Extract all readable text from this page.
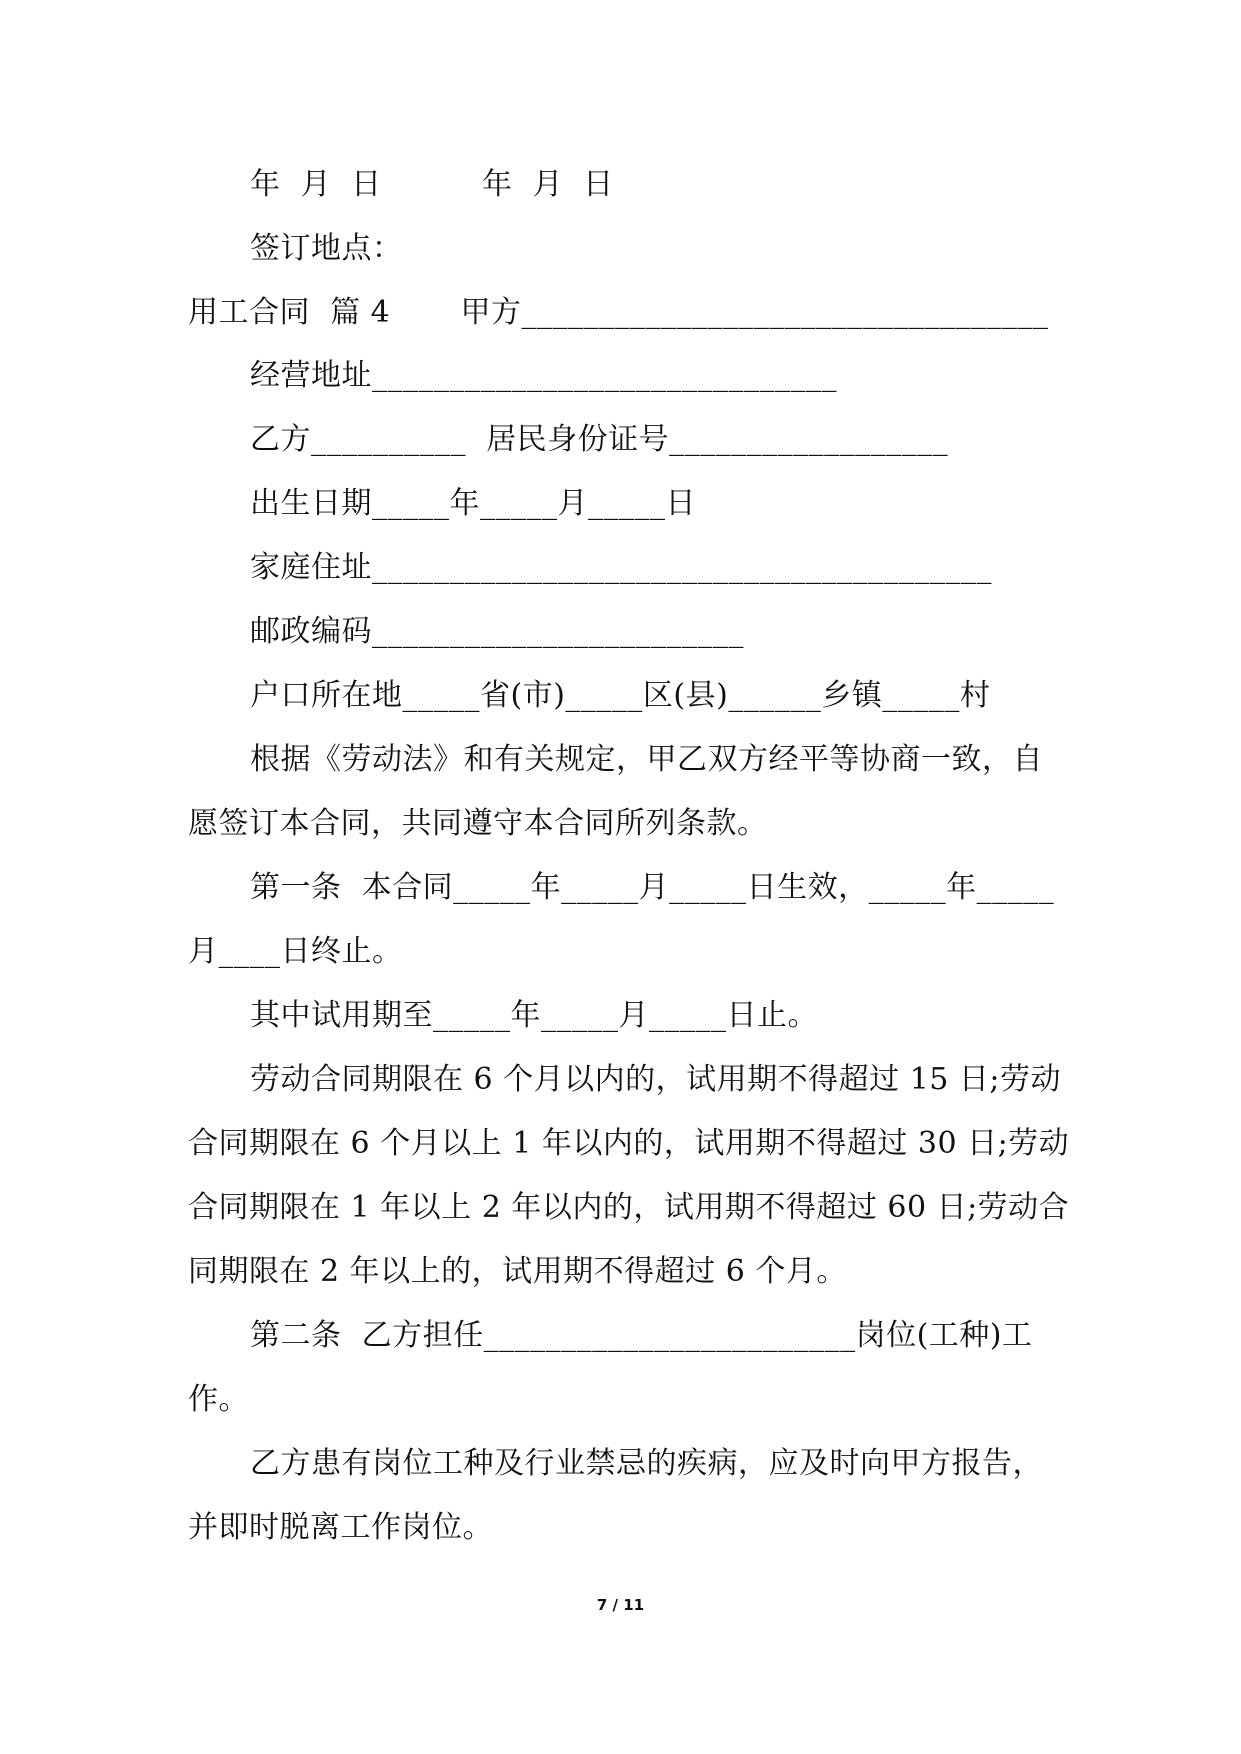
年  月  日          年  月  日
签订地点：
用工合同  篇 4       甲方__________________________________
经营地址______________________________
乙方__________  居民身份证号__________________
出生日期_____年_____月_____日
家庭住址________________________________________
邮政编码________________________
户口所在地_____省(市)_____区(县)______乡镇_____村
根据《劳动法》和有关规定，甲乙双方经平等协商一致，自
愿签订本合同，共同遵守本合同所列条款。
第一条  本合同_____年_____月_____日生效，_____年_____
月____日终止。
其中试用期至_____年_____月_____日止。
劳动合同期限在 6 个月以内的，试用期不得超过 15 日;劳动
合同期限在 6 个月以上 1 年以内的，试用期不得超过 30 日;劳动
合同期限在 1 年以上 2 年以内的，试用期不得超过 60 日;劳动合
同期限在 2 年以上的，试用期不得超过 6 个月。
第二条  乙方担任________________________岗位(工种)工
作。
乙方患有岗位工种及行业禁忌的疾病，应及时向甲方报告，
并即时脱离工作岗位。
7 / 11
